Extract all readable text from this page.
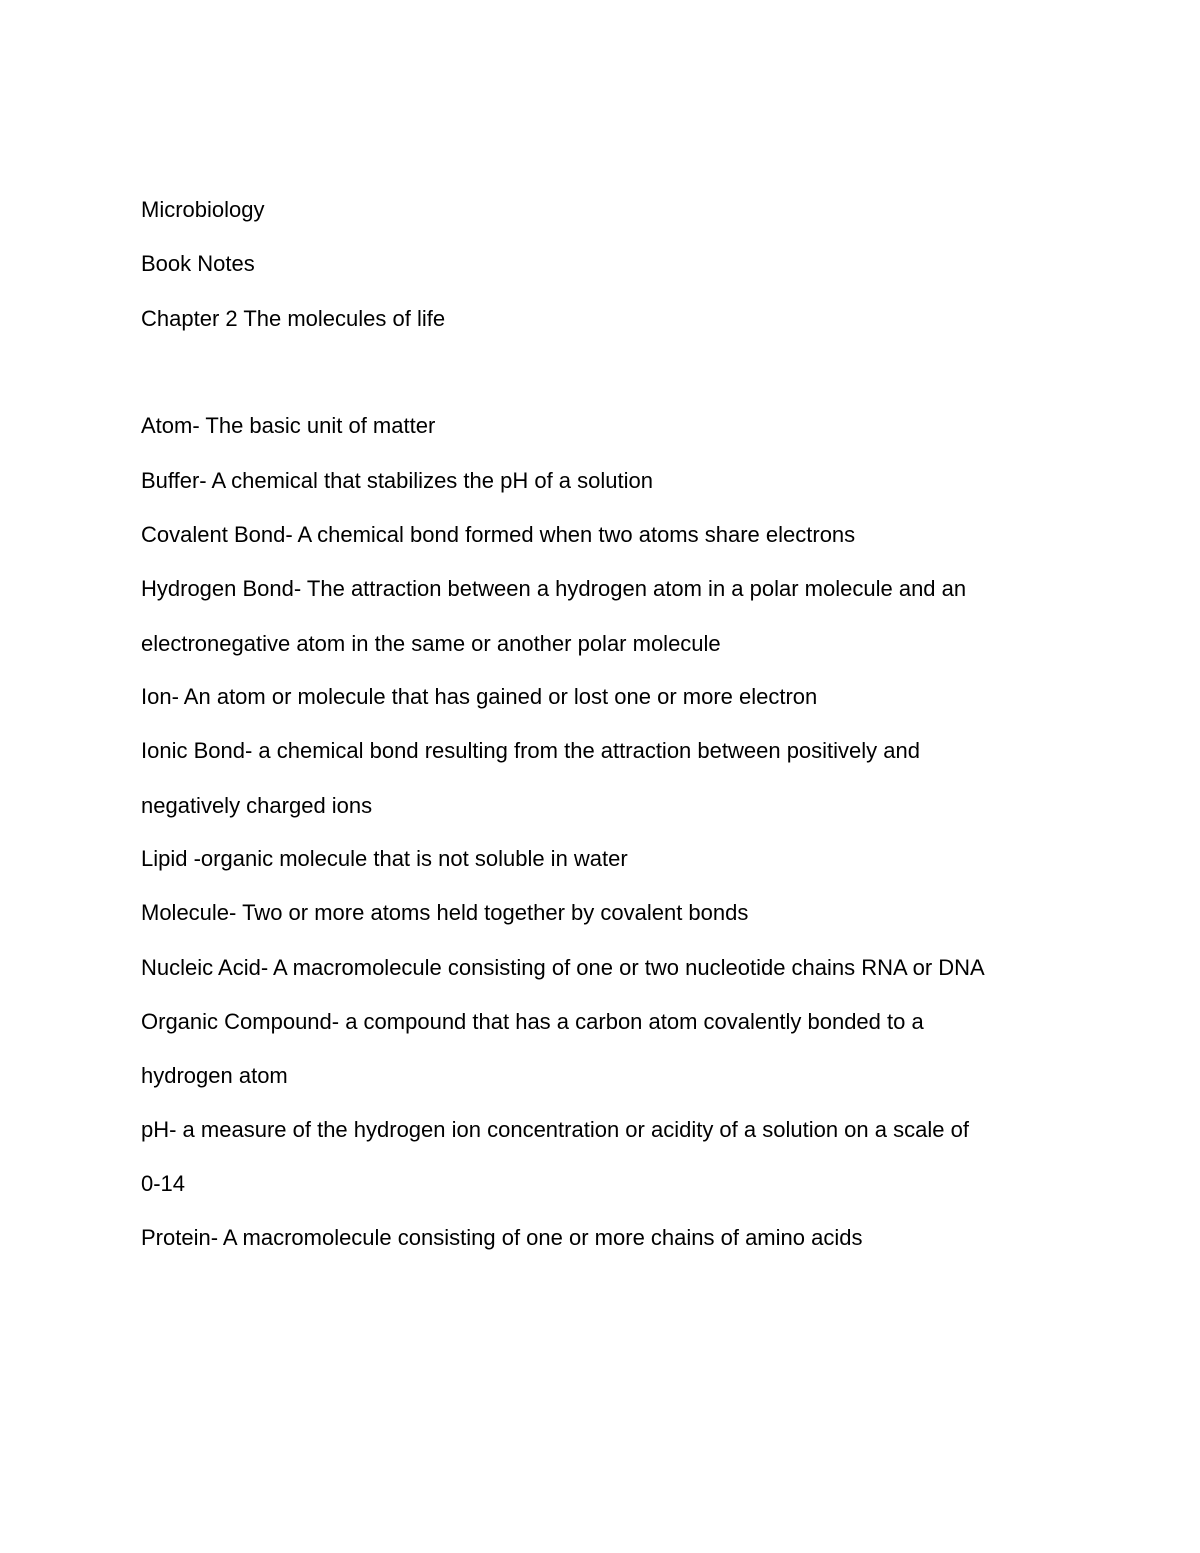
Microbiology

Book Notes

Chapter 2 The molecules of life

Atom- The basic unit of matter

Buffer- A chemical that stabilizes the pH of a solution

Covalent Bond- A chemical bond formed when two atoms share electrons

Hydrogen Bond- The attraction between a hydrogen atom in a polar molecule and an

electronegative atom in the same or another polar molecule

Ion- An atom or molecule that has gained or lost one or more electron

Ionic Bond- a chemical bond resulting from the attraction between positively and

negatively charged ions

Lipid -organic molecule that is not soluble in water

Molecule- Two or more atoms held together by covalent bonds

Nucleic Acid- A macromolecule consisting of one or two nucleotide chains RNA or DNA

Organic Compound- a compound that has a carbon atom covalently bonded to a

hydrogen atom

pH- a measure of the hydrogen ion concentration or acidity of a solution on a scale of

0-14

Protein- A macromolecule consisting of one or more chains of amino acids
